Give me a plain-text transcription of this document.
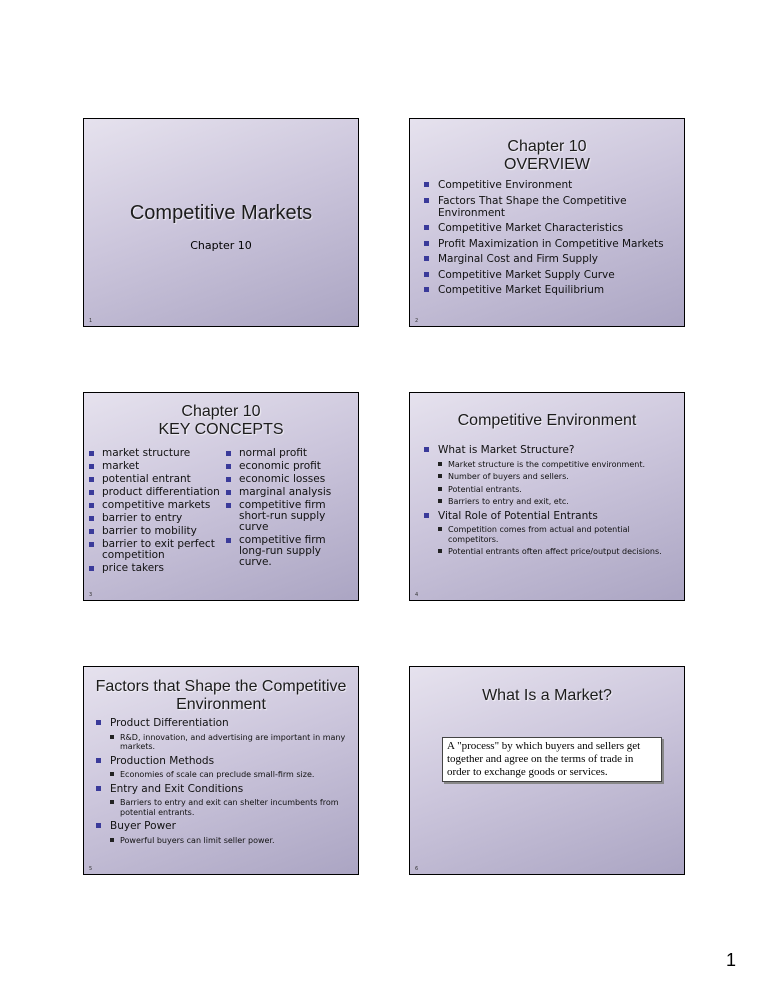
Competitive Markets
Chapter 10
1
Chapter 10
OVERVIEW
Competitive Environment
Factors That Shape the Competitive Environment
Competitive Market Characteristics
Profit Maximization in Competitive Markets
Marginal Cost and Firm Supply
Competitive Market Supply Curve
Competitive Market Equilibrium
2
Chapter 10
KEY CONCEPTS
market structure
market
potential entrant
product differentiation
competitive markets
barrier to entry
barrier to mobility
barrier to exit perfect competition
price takers
normal profit
economic profit
economic losses
marginal analysis
competitive firm short-run supply curve
competitive firm long-run supply curve.
3
Competitive Environment
What is Market Structure?
Market structure is the competitive environment.
Number of buyers and sellers.
Potential entrants.
Barriers to entry and exit, etc.
Vital Role of Potential Entrants
Competition comes from actual and potential competitors.
Potential entrants often affect price/output decisions.
4
Factors that Shape the Competitive
Environment
Product Differentiation
R&D, innovation, and advertising are important in many markets.
Production Methods
Economies of scale can preclude small-firm size.
Entry and Exit Conditions
Barriers to entry and exit can shelter incumbents from potential entrants.
Buyer Power
Powerful buyers can limit seller power.
5
What Is a Market?
A "process" by which buyers and sellers get together and agree on the terms of trade in order to exchange goods or services.
6
1
